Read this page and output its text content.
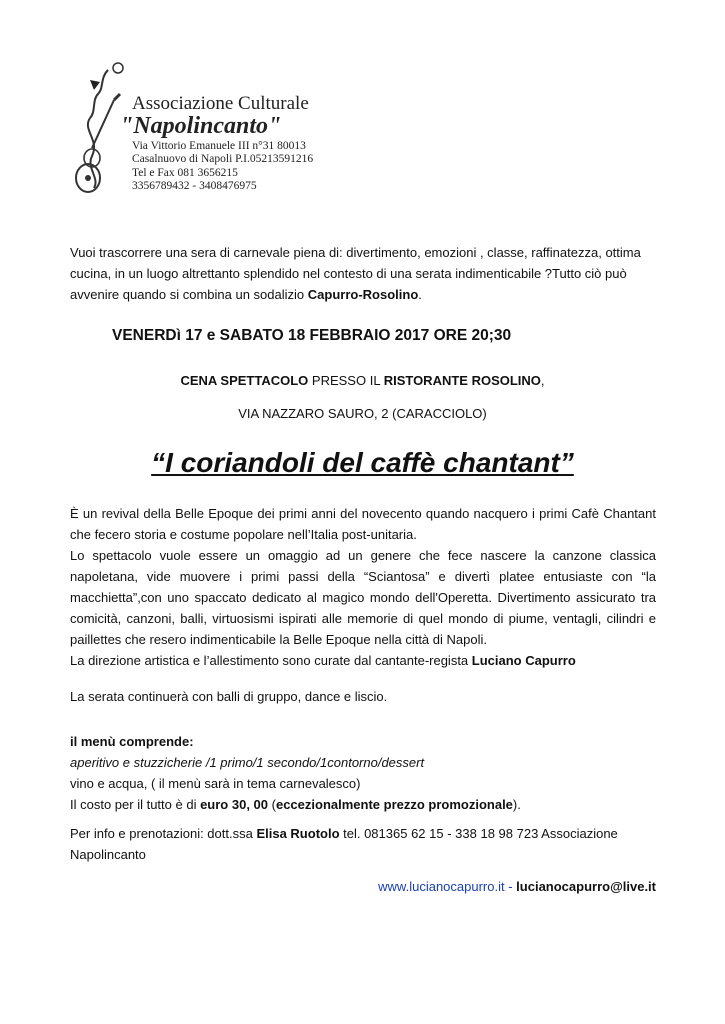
Associazione Culturale
"Napolincanto"
Via Vittorio Emanuele III n°31 80013
Casalnuovo di Napoli P.I.05213591216
Tel e Fax 081 3656215
3356789432 - 3408476975
Vuoi trascorrere una sera di carnevale piena di: divertimento, emozioni , classe, raffinatezza, ottima cucina, in un luogo altrettanto splendido nel contesto di una serata indimenticabile ?Tutto ciò può avvenire quando si combina un sodalizio Capurro-Rosolino.
VENERDì 17 e SABATO 18 FEBBRAIO 2017 ORE 20;30
CENA SPETTACOLO PRESSO IL RISTORANTE ROSOLINO,
VIA NAZZARO SAURO, 2 (CARACCIOLO)
“I coriandoli del caffè chantant”
È un revival della Belle Epoque dei primi anni del novecento quando nacquero i primi Cafè Chantant che fecero storia e costume popolare nell’Italia post-unitaria.
Lo spettacolo vuole essere un omaggio ad un genere che fece nascere la canzone classica napoletana, vide muovere i primi passi della “Sciantosa” e divertì platee entusiaste con “la macchietta”,con uno spaccato dedicato al magico mondo dell'Operetta. Divertimento assicurato tra comicità, canzoni, balli, virtuosismi ispirati alle memorie di quel mondo di piume, ventagli, cilindri e paillettes che resero indimenticabile la Belle Epoque nella città di Napoli.
La direzione artistica e l’allestimento sono curate dal cantante-regista Luciano Capurro
La serata continuerà con balli di gruppo, dance e liscio.
il menù comprende:
aperitivo e stuzzicherie /1 primo/1 secondo/1contorno/dessert
vino e acqua, ( il menù sarà in tema carnevalesco)
Il costo per il tutto è di euro 30, 00 (eccezionalmente prezzo promozionale).
Per info e prenotazioni: dott.ssa Elisa Ruotolo tel. 081365 62 15 - 338 18 98 723 Associazione Napolincanto
www.lucianocapurro.it - lucianocapurro@live.it
